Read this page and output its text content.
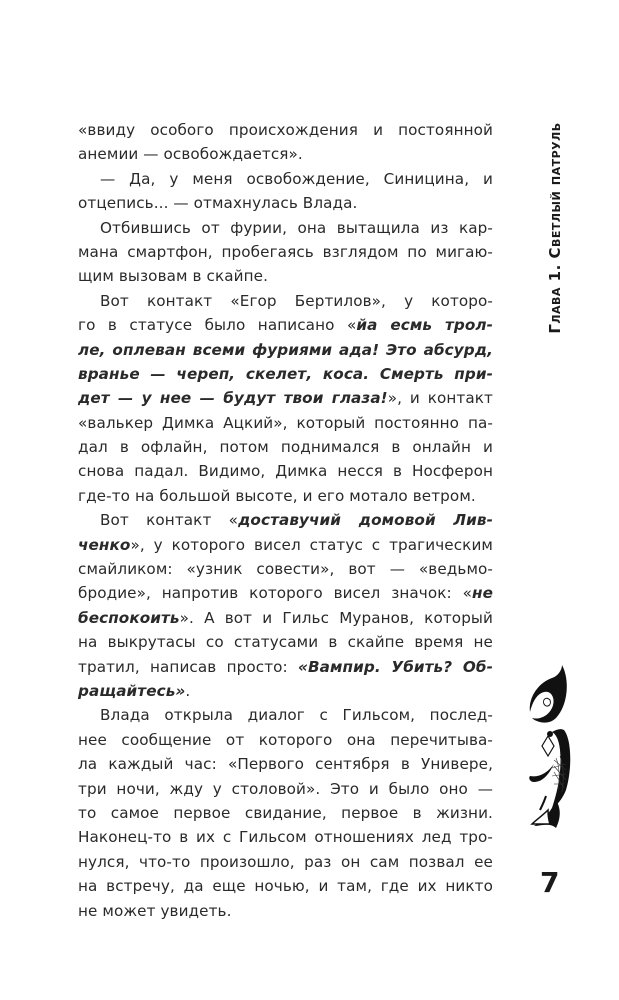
«ввиду особого происхождения и постоянной
анемии — освобождается».
— Да, у меня освобождение, Синицина, и
отцепись... — отмахнулась Влада.
Отбившись от фурии, она вытащила из кар-
мана смартфон, пробегаясь взглядом по мигаю-
щим вызовам в скайпе.
Вот контакт «Егор Бертилов», у которо-
го в статусе было написано «йа есмь трол-
ле, оплеван всеми фуриями ада! Это абсурд,
вранье — череп, скелет, коса. Смерть при-
дет — у нее — будут твои глаза!», и контакт
«валькер Димка Ацкий», который постоянно па-
дал в офлайн, потом поднимался в онлайн и
снова падал. Видимо, Димка несся в Носферон
где-то на большой высоте, и его мотало ветром.
Вот контакт «доставучий домовой Лив-
ченко», у которого висел статус с трагическим
смайликом: «узник совести», вот — «ведьмо-
бродие», напротив которого висел значок: «не
беспокоить». А вот и Гильс Муранов, который
на выкрутасы со статусами в скайпе время не
тратил, написав просто: «Вампир. Убить? Об-
ращайтесь».
Влада открыла диалог с Гильсом, послед-
нее сообщение от которого она перечитыва-
ла каждый час: «Первого сентября в Универе,
три ночи, жду у столовой». Это и было оно —
то самое первое свидание, первое в жизни.
Наконец-то в их с Гильсом отношениях лед тро-
нулся, что-то произошло, раз он сам позвал ее
на встречу, да еще ночью, и там, где их никто
не может увидеть.
Глава 1. Светлый патруль
7
